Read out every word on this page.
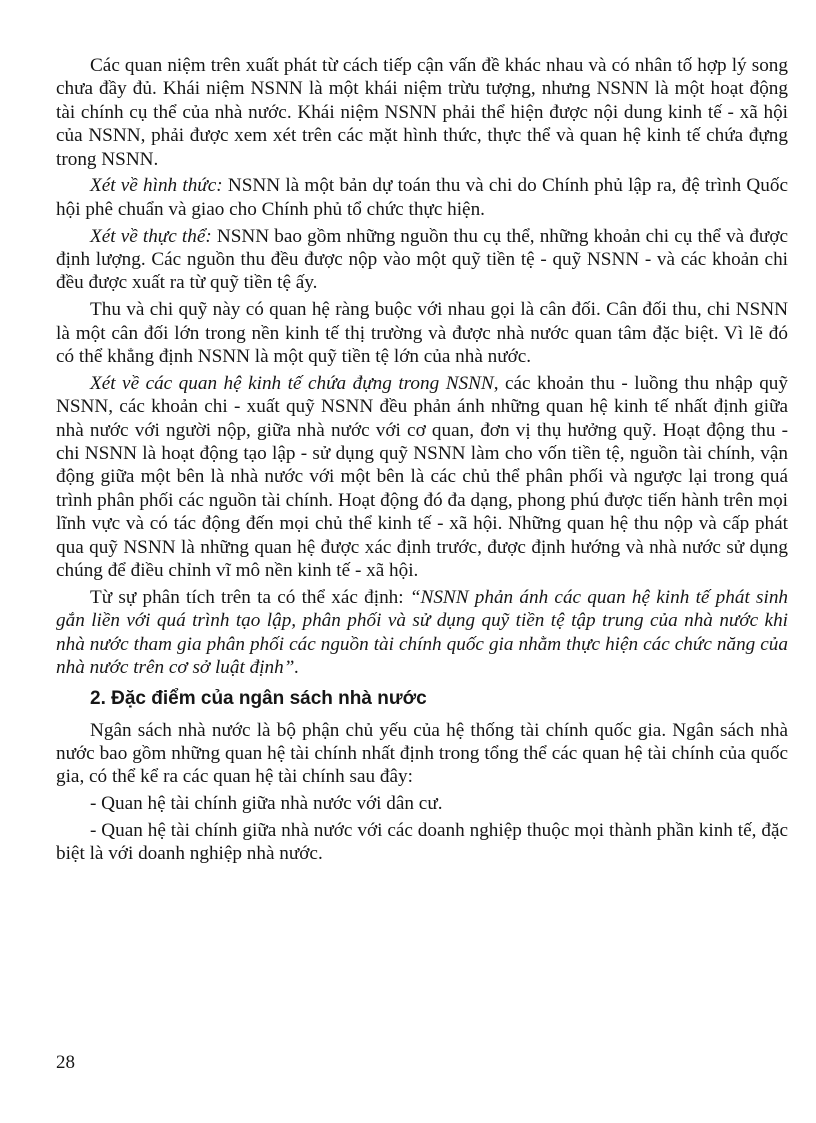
Các quan niệm trên xuất phát từ cách tiếp cận vấn đề khác nhau và có nhân tố hợp lý song chưa đầy đủ. Khái niệm NSNN là một khái niệm trừu tượng, nhưng NSNN là một hoạt động tài chính cụ thể của nhà nước. Khái niệm NSNN phải thể hiện được nội dung kinh tế - xã hội của NSNN, phải được xem xét trên các mặt hình thức, thực thể và quan hệ kinh tế chứa đựng trong NSNN.

Xét về hình thức: NSNN là một bản dự toán thu và chi do Chính phủ lập ra, đệ trình Quốc hội phê chuẩn và giao cho Chính phủ tổ chức thực hiện.

Xét về thực thể: NSNN bao gồm những nguồn thu cụ thể, những khoản chi cụ thể và được định lượng. Các nguồn thu đều được nộp vào một quỹ tiền tệ - quỹ NSNN - và các khoản chi đều được xuất ra từ quỹ tiền tệ ấy.

Thu và chi quỹ này có quan hệ ràng buộc với nhau gọi là cân đối. Cân đối thu, chi NSNN là một cân đối lớn trong nền kinh tế thị trường và được nhà nước quan tâm đặc biệt. Vì lẽ đó có thể khẳng định NSNN là một quỹ tiền tệ lớn của nhà nước.

Xét về các quan hệ kinh tế chứa đựng trong NSNN, các khoản thu - luồng thu nhập quỹ NSNN, các khoản chi - xuất quỹ NSNN đều phản ánh những quan hệ kinh tế nhất định giữa nhà nước với người nộp, giữa nhà nước với cơ quan, đơn vị thụ hưởng quỹ. Hoạt động thu - chi NSNN là hoạt động tạo lập - sử dụng quỹ NSNN làm cho vốn tiền tệ, nguồn tài chính, vận động giữa một bên là nhà nước với một bên là các chủ thể phân phối và ngược lại trong quá trình phân phối các nguồn tài chính. Hoạt động đó đa dạng, phong phú được tiến hành trên mọi lĩnh vực và có tác động đến mọi chủ thể kinh tế - xã hội. Những quan hệ thu nộp và cấp phát qua quỹ NSNN là những quan hệ được xác định trước, được định hướng và nhà nước sử dụng chúng để điều chỉnh vĩ mô nền kinh tế - xã hội.

Từ sự phân tích trên ta có thể xác định: “NSNN phản ánh các quan hệ kinh tế phát sinh gắn liền với quá trình tạo lập, phân phối và sử dụng quỹ tiền tệ tập trung của nhà nước khi nhà nước tham gia phân phối các nguồn tài chính quốc gia nhằm thực hiện các chức năng của nhà nước trên cơ sở luật định”.

2. Đặc điểm của ngân sách nhà nước

Ngân sách nhà nước là bộ phận chủ yếu của hệ thống tài chính quốc gia. Ngân sách nhà nước bao gồm những quan hệ tài chính nhất định trong tổng thể các quan hệ tài chính của quốc gia, có thể kể ra các quan hệ tài chính sau đây:

- Quan hệ tài chính giữa nhà nước với dân cư.

- Quan hệ tài chính giữa nhà nước với các doanh nghiệp thuộc mọi thành phần kinh tế, đặc biệt là với doanh nghiệp nhà nước.

28
